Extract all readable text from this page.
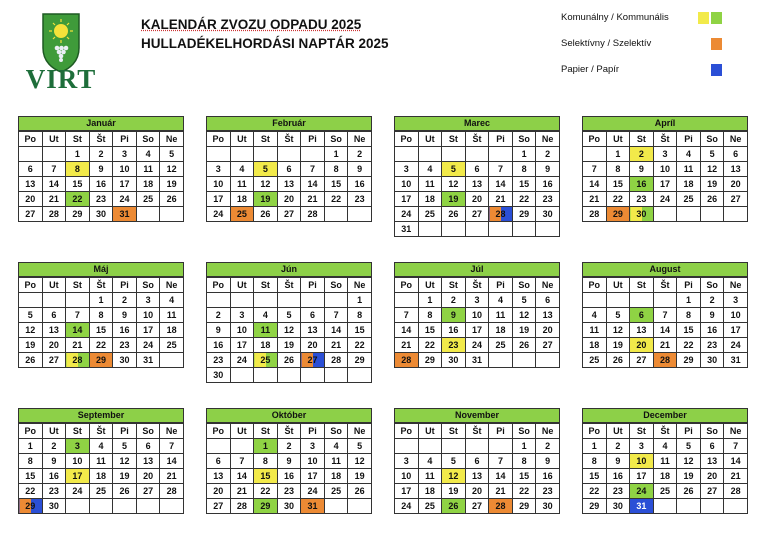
VIRT
KALENDÁR ZVOZU ODPADU 2025
HULLADÉKELHORDÁSI NAPTÁR 2025
Komunálny / Kommunális
Selektívny / Szelektív
Papier / Papír
Január
Po	Ut	St	Št	Pi	So	Ne
		1	2	3	4	5
6	7	8	9	10	11	12
13	14	15	16	17	18	19
20	21	22	23	24	25	26
27	28	29	30	31		
Február
Po	Ut	St	Št	Pi	So	Ne
					1	2
3	4	5	6	7	8	9
10	11	12	13	14	15	16
17	18	19	20	21	22	23
24	25	26	27	28		
Marec
Po	Ut	St	Št	Pi	So	Ne
					1	2
3	4	5	6	7	8	9
10	11	12	13	14	15	16
17	18	19	20	21	22	23
24	25	26	27	28	29	30
31						
Apríl
Po	Ut	St	Št	Pi	So	Ne
	1	2	3	4	5	6
7	8	9	10	11	12	13
14	15	16	17	18	19	20
21	22	23	24	25	26	27
28	29	30				
Máj
Po	Ut	St	Št	Pi	So	Ne
			1	2	3	4
5	6	7	8	9	10	11
12	13	14	15	16	17	18
19	20	21	22	23	24	25
26	27	28	29	30	31	
Jún
Po	Ut	St	Št	Pi	So	Ne
						1
2	3	4	5	6	7	8
9	10	11	12	13	14	15
16	17	18	19	20	21	22
23	24	25	26	27	28	29
30						
Júl
Po	Ut	St	Št	Pi	So	Ne
	1	2	3	4	5	6
7	8	9	10	11	12	13
14	15	16	17	18	19	20
21	22	23	24	25	26	27
28	29	30	31			
August
Po	Ut	St	Št	Pi	So	Ne
				1	2	3
4	5	6	7	8	9	10
11	12	13	14	15	16	17
18	19	20	21	22	23	24
25	26	27	28	29	30	31
September
Po	Ut	St	Št	Pi	So	Ne
1	2	3	4	5	6	7
8	9	10	11	12	13	14
15	16	17	18	19	20	21
22	23	24	25	26	27	28
29	30					
Október
Po	Ut	St	Št	Pi	So	Ne
		1	2	3	4	5
6	7	8	9	10	11	12
13	14	15	16	17	18	19
20	21	22	23	24	25	26
27	28	29	30	31		
November
Po	Ut	St	Št	Pi	So	Ne
					1	2
3	4	5	6	7	8	9
10	11	12	13	14	15	16
17	18	19	20	21	22	23
24	25	26	27	28	29	30
December
Po	Ut	St	Št	Pi	So	Ne
1	2	3	4	5	6	7
8	9	10	11	12	13	14
15	16	17	18	19	20	21
22	23	24	25	26	27	28
29	30	31				
